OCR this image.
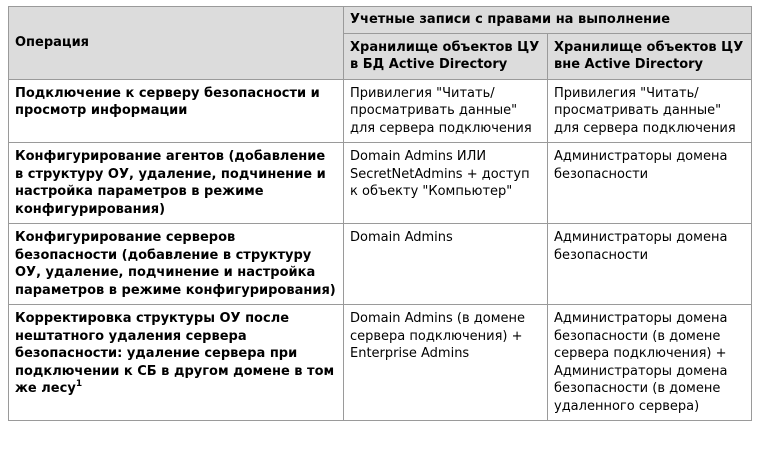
Операция	Учетные записи с правами на выполнение	
	Хранилище объектов ЦУ в БД Active Directory	Хранилище объектов ЦУ вне Active Directory
Подключение к серверу безопасности и просмотр информации	Привилегия "Читать/просматривать данные" для сервера подключения	Привилегия "Читать/просматривать данные" для сервера подключения
Конфигурирование агентов (добавление в структуру ОУ, удаление, подчинение и настройка параметров в режиме конфигурирования)	Domain Admins ИЛИ SecretNetAdmins + доступ к объекту "Компьютер"	Администраторы домена безопасности
Конфигурирование серверов безопасности (добавление в структуру ОУ, удаление, подчинение и настройка параметров в режиме конфигурирования)	Domain Admins	Администраторы домена безопасности
Корректировка структуры ОУ после нештатного удаления сервера безопасности: удаление сервера при подключении к СБ в другом домене в том же лесу$^1$	Domain Admins (в домене сервера подключения) + Enterprise Admins	Администраторы домена безопасности (в домене сервера подключения) + Администраторы домена безопасности (в домене удаленного сервера)
